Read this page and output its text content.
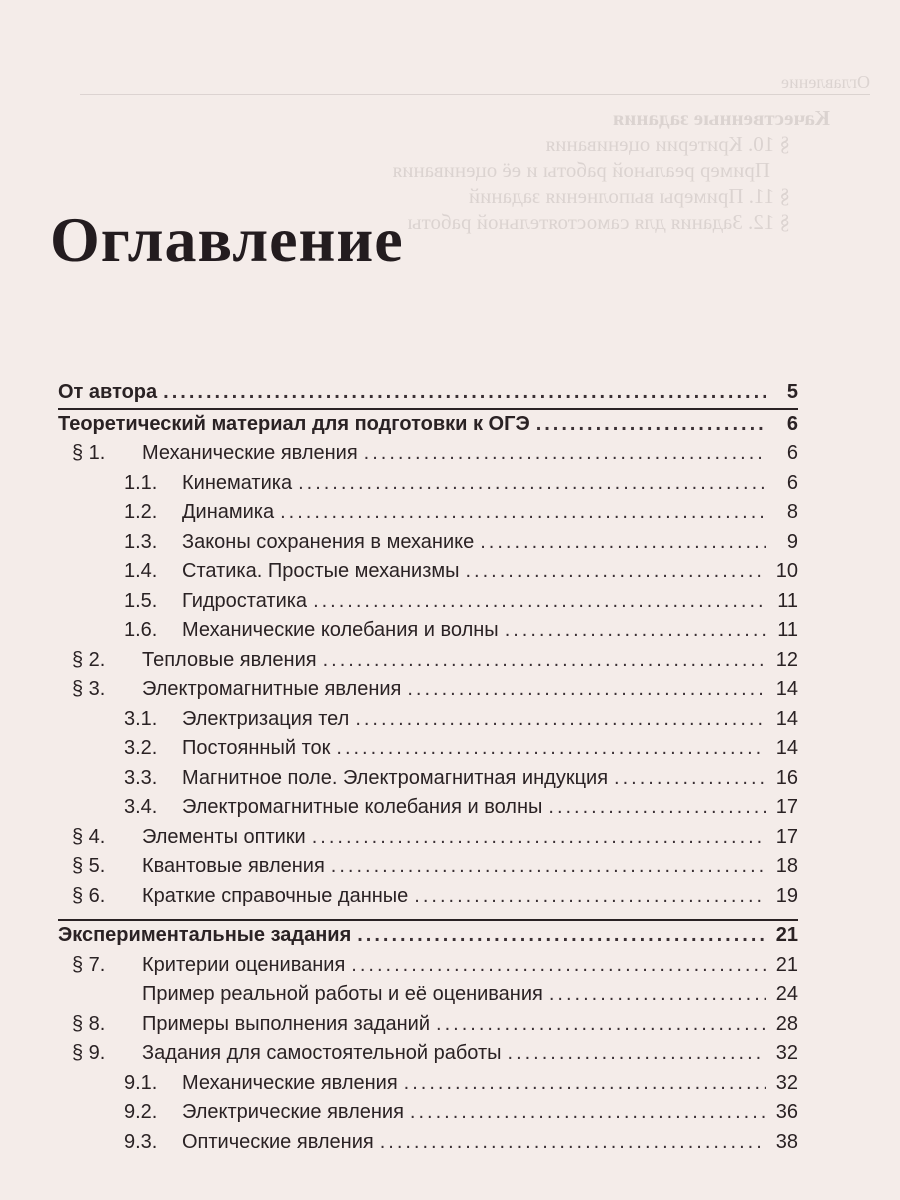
Оглавление
Качественные задания
§ 10. Критерии оценивания
Пример реальной работы и её оценивания
§ 11. Примеры выполнения заданий
§ 12. Задания для самостоятельной работы
Оглавление
От автора .....	5
Теоретический материал для подготовки к ОГЭ .....	6
§ 1.	Механические явления .....	6
1.1.	Кинематика .....	6
1.2.	Динамика .....	8
1.3.	Законы сохранения в механике .....	9
1.4.	Статика. Простые механизмы .....	10
1.5.	Гидростатика .....	11
1.6.	Механические колебания и волны .....	11
§ 2.	Тепловые явления .....	12
§ 3.	Электромагнитные явления .....	14
3.1.	Электризация тел .....	14
3.2.	Постоянный ток .....	14
3.3.	Магнитное поле. Электромагнитная индукция .....	16
3.4.	Электромагнитные колебания и волны .....	17
§ 4.	Элементы оптики .....	17
§ 5.	Квантовые явления .....	18
§ 6.	Краткие справочные данные .....	19
Экспериментальные задания .....	21
§ 7.	Критерии оценивания .....	21
Пример реальной работы и её оценивания .....	24
§ 8.	Примеры выполнения заданий .....	28
§ 9.	Задания для самостоятельной работы .....	32
9.1.	Механические явления .....	32
9.2.	Электрические явления .....	36
9.3.	Оптические явления .....	38
